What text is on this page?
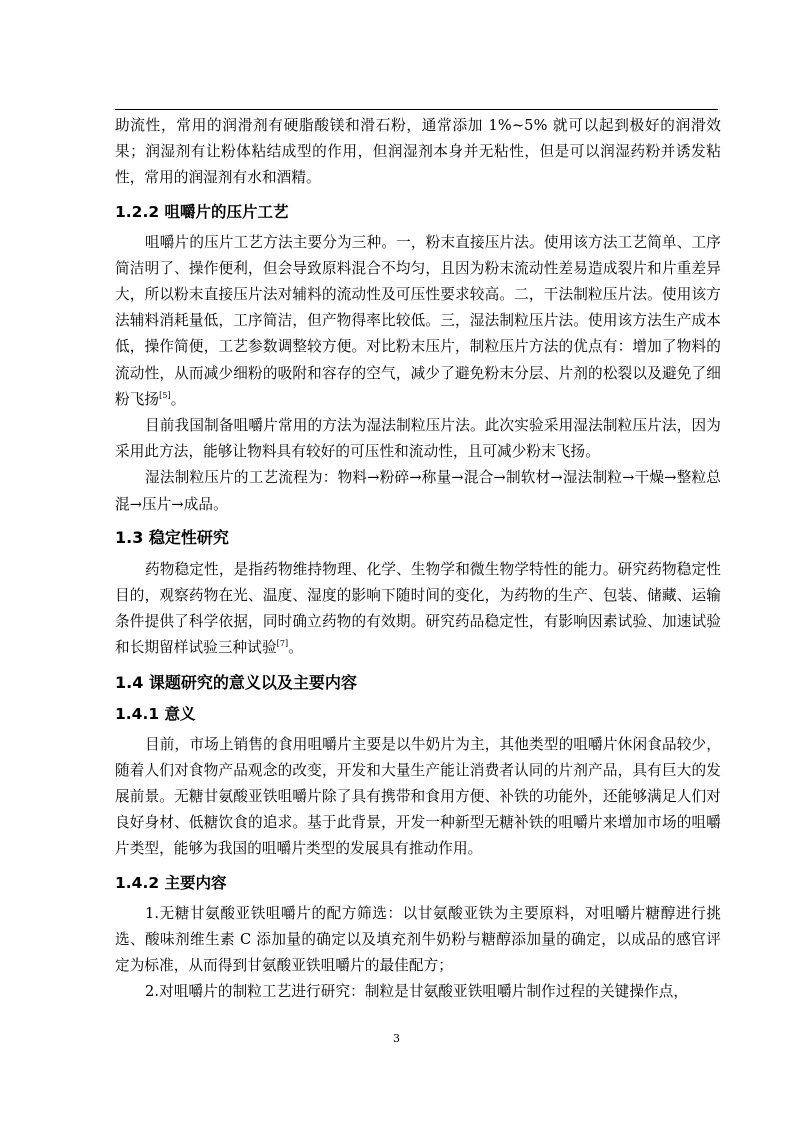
助流性，常用的润滑剂有硬脂酸镁和滑石粉，通常添加 1%~5% 就可以起到极好的润滑效果；润湿剂有让粉体粘结成型的作用，但润湿剂本身并无粘性，但是可以润湿药粉并诱发粘性，常用的润湿剂有水和酒精。

1.2.2 咀嚼片的压片工艺

咀嚼片的压片工艺方法主要分为三种。一，粉末直接压片法。使用该方法工艺简单、工序简洁明了、操作便利，但会导致原料混合不均匀，且因为粉末流动性差易造成裂片和片重差异大，所以粉末直接压片法对辅料的流动性及可压性要求较高。二，干法制粒压片法。使用该方法辅料消耗量低，工序简洁，但产物得率比较低。三，湿法制粒压片法。使用该方法生产成本低，操作简便，工艺参数调整较方便。对比粉末压片，制粒压片方法的优点有：增加了物料的流动性，从而减少细粉的吸附和容存的空气，减少了避免粉末分层、片剂的松裂以及避免了细粉飞扬[5]。

目前我国制备咀嚼片常用的方法为湿法制粒压片法。此次实验采用湿法制粒压片法，因为采用此方法，能够让物料具有较好的可压性和流动性，且可减少粉末飞扬。

湿法制粒压片的工艺流程为：物料→粉碎→称量→混合→制软材→湿法制粒→干燥→整粒总混→压片→成品。

1.3 稳定性研究

药物稳定性，是指药物维持物理、化学、生物学和微生物学特性的能力。研究药物稳定性目的，观察药物在光、温度、湿度的影响下随时间的变化，为药物的生产、包装、储藏、运输条件提供了科学依据，同时确立药物的有效期。研究药品稳定性，有影响因素试验、加速试验和长期留样试验三种试验[7]。

1.4 课题研究的意义以及主要内容
1.4.1 意义

目前，市场上销售的食用咀嚼片主要是以牛奶片为主，其他类型的咀嚼片休闲食品较少，随着人们对食物产品观念的改变，开发和大量生产能让消费者认同的片剂产品，具有巨大的发展前景。无糖甘氨酸亚铁咀嚼片除了具有携带和食用方便、补铁的功能外，还能够满足人们对良好身材、低糖饮食的追求。基于此背景，开发一种新型无糖补铁的咀嚼片来增加市场的咀嚼片类型，能够为我国的咀嚼片类型的发展具有推动作用。

1.4.2 主要内容

1.无糖甘氨酸亚铁咀嚼片的配方筛选：以甘氨酸亚铁为主要原料，对咀嚼片糖醇进行挑选、酸味剂维生素 C 添加量的确定以及填充剂牛奶粉与糖醇添加量的确定，以成品的感官评定为标准，从而得到甘氨酸亚铁咀嚼片的最佳配方；

2.对咀嚼片的制粒工艺进行研究：制粒是甘氨酸亚铁咀嚼片制作过程的关键操作点，

3
